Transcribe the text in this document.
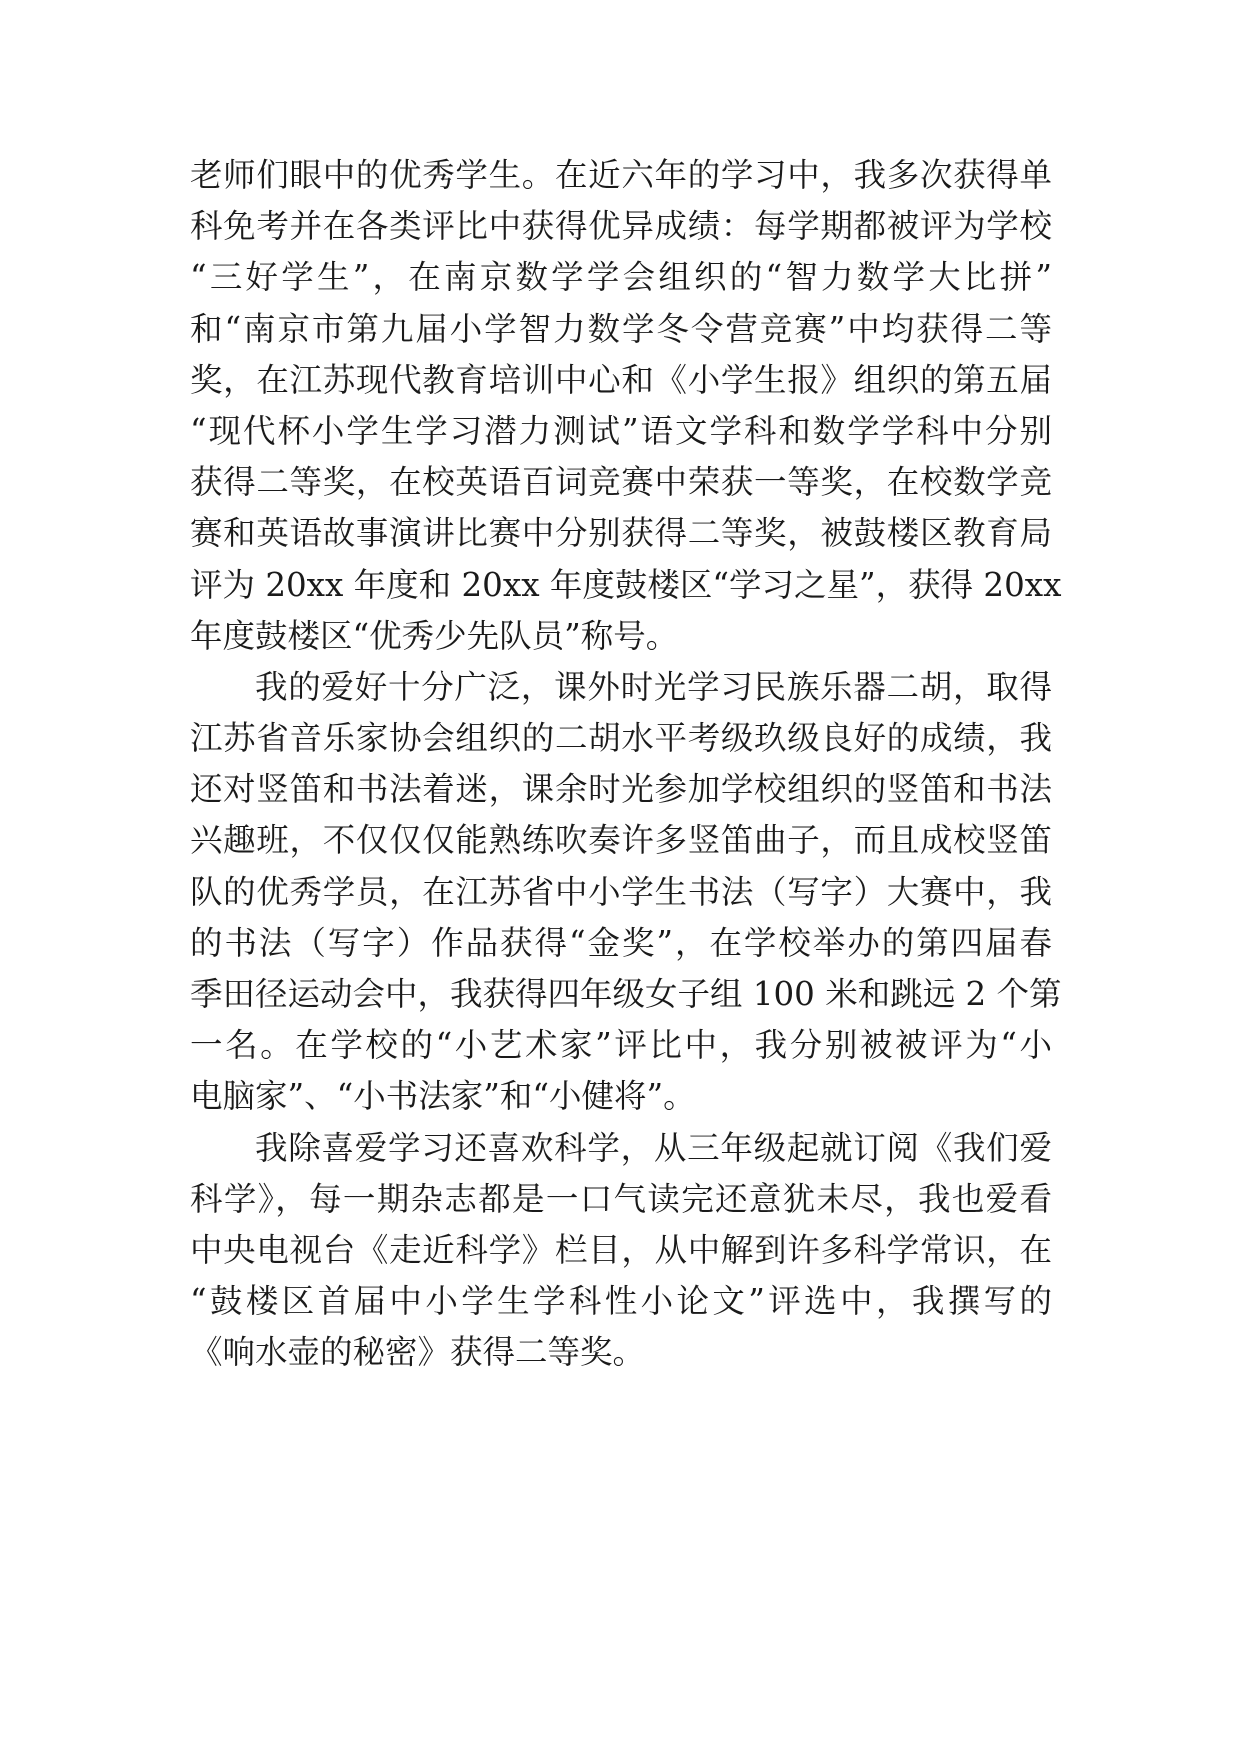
老师们眼中的优秀学生。在近六年的学习中，我多次获得单
科免考并在各类评比中获得优异成绩：每学期都被评为学校
“三好学生”，在南京数学学会组织的“智力数学大比拼”
和“南京市第九届小学智力数学冬令营竞赛”中均获得二等
奖，在江苏现代教育培训中心和《小学生报》组织的第五届
“现代杯小学生学习潜力测试”语文学科和数学学科中分别
获得二等奖，在校英语百词竞赛中荣获一等奖，在校数学竞
赛和英语故事演讲比赛中分别获得二等奖，被鼓楼区教育局
评为 20xx 年度和 20xx 年度鼓楼区“学习之星”，获得 20xx
年度鼓楼区“优秀少先队员”称号。
我的爱好十分广泛，课外时光学习民族乐器二胡，取得
江苏省音乐家协会组织的二胡水平考级玖级良好的成绩，我
还对竖笛和书法着迷，课余时光参加学校组织的竖笛和书法
兴趣班，不仅仅仅能熟练吹奏许多竖笛曲子，而且成校竖笛
队的优秀学员，在江苏省中小学生书法（写字）大赛中，我
的书法（写字）作品获得“金奖”，在学校举办的第四届春
季田径运动会中，我获得四年级女子组 100 米和跳远 2 个第
一名。在学校的“小艺术家”评比中，我分别被被评为“小
电脑家”、“小书法家”和“小健将”。
我除喜爱学习还喜欢科学，从三年级起就订阅《我们爱
科学》，每一期杂志都是一口气读完还意犹未尽，我也爱看
中央电视台《走近科学》栏目，从中解到许多科学常识，在
“鼓楼区首届中小学生学科性小论文”评选中，我撰写的
《响水壶的秘密》获得二等奖。
